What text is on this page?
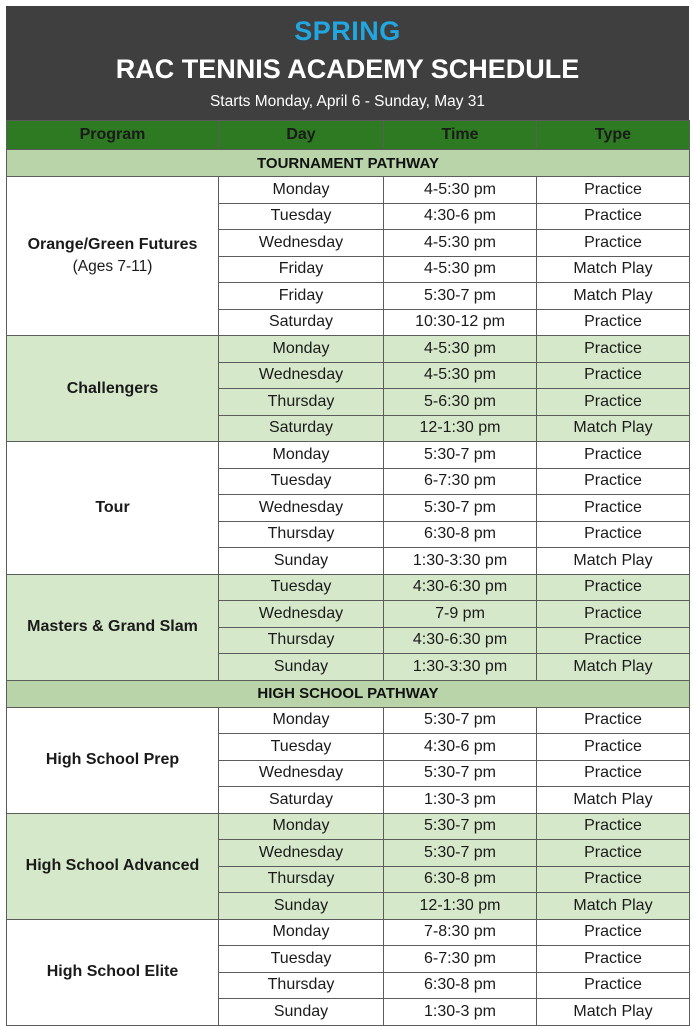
SPRING
RAC TENNIS ACADEMY SCHEDULE
Starts Monday, April 6 - Sunday, May 31
Program	Day	Time	Type
TOURNAMENT PATHWAY			
Orange/Green Futures
(Ages 7-11)	Monday	4-5:30 pm	Practice
	Tuesday	4:30-6 pm	Practice
	Wednesday	4-5:30 pm	Practice
	Friday	4-5:30 pm	Match Play
	Friday	5:30-7 pm	Match Play
	Saturday	10:30-12 pm	Practice
Challengers	Monday	4-5:30 pm	Practice
	Wednesday	4-5:30 pm	Practice
	Thursday	5-6:30 pm	Practice
	Saturday	12-1:30 pm	Match Play
Tour	Monday	5:30-7 pm	Practice
	Tuesday	6-7:30 pm	Practice
	Wednesday	5:30-7 pm	Practice
	Thursday	6:30-8 pm	Practice
	Sunday	1:30-3:30 pm	Match Play
Masters & Grand Slam	Tuesday	4:30-6:30 pm	Practice
	Wednesday	7-9 pm	Practice
	Thursday	4:30-6:30 pm	Practice
	Sunday	1:30-3:30 pm	Match Play
HIGH SCHOOL PATHWAY			
High School Prep	Monday	5:30-7 pm	Practice
	Tuesday	4:30-6 pm	Practice
	Wednesday	5:30-7 pm	Practice
	Saturday	1:30-3 pm	Match Play
High School Advanced	Monday	5:30-7 pm	Practice
	Wednesday	5:30-7 pm	Practice
	Thursday	6:30-8 pm	Practice
	Sunday	12-1:30 pm	Match Play
High School Elite	Monday	7-8:30 pm	Practice
	Tuesday	6-7:30 pm	Practice
	Thursday	6:30-8 pm	Practice
	Sunday	1:30-3 pm	Match Play
